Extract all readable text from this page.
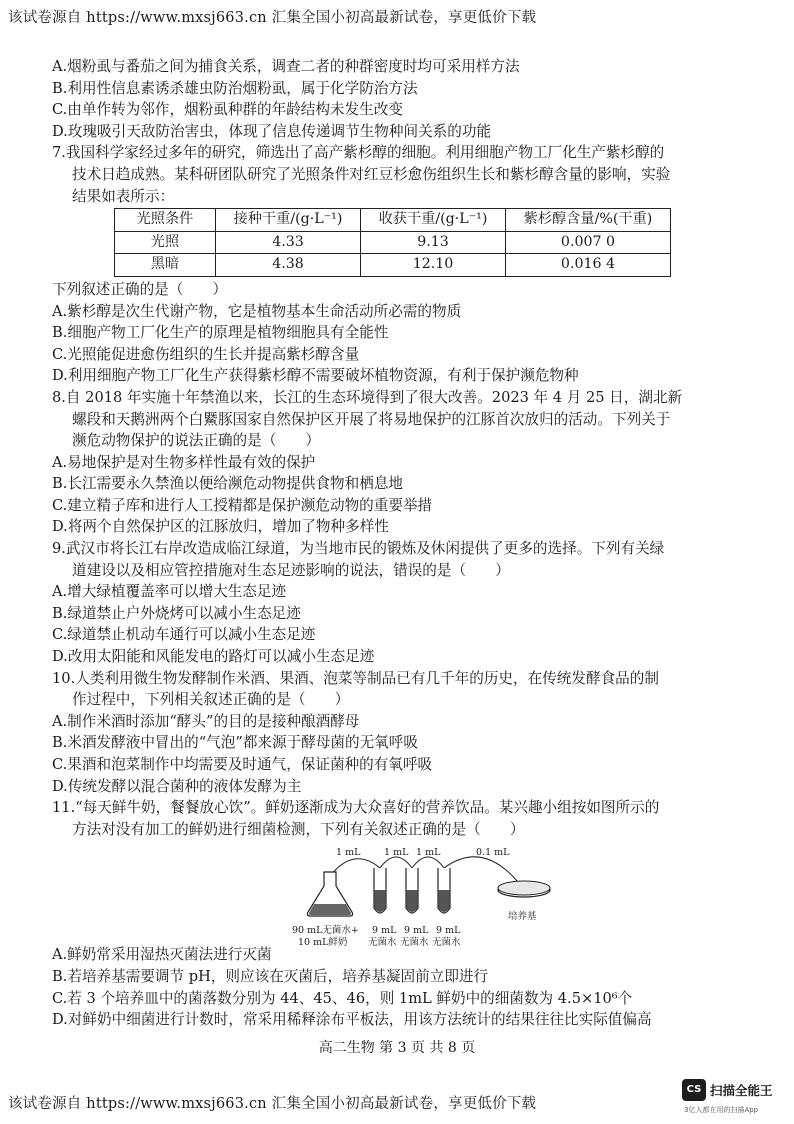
该试卷源自 https://www.mxsj663.cn 汇集全国小初高最新试卷，享更低价下载
A.烟粉虱与番茄之间为捕食关系，调查二者的种群密度时均可采用样方法
B.利用性信息素诱杀雄虫防治烟粉虱，属于化学防治方法
C.由单作转为邻作，烟粉虱种群的年龄结构未发生改变
D.玫瑰吸引天敌防治害虫，体现了信息传递调节生物种间关系的功能
7.我国科学家经过多年的研究，筛选出了高产紫杉醇的细胞。利用细胞产物工厂化生产紫杉醇的
技术日趋成熟。某科研团队研究了光照条件对红豆杉愈伤组织生长和紫杉醇含量的影响，实验
结果如表所示：
光照条件	接种干重/(g·L⁻¹)	收获干重/(g·L⁻¹)	紫杉醇含量/%(干重)
光照	4.33	9.13	0.007 0
黑暗	4.38	12.10	0.016 4
下列叙述正确的是（　　）
A.紫杉醇是次生代谢产物，它是植物基本生命活动所必需的物质
B.细胞产物工厂化生产的原理是植物细胞具有全能性
C.光照能促进愈伤组织的生长并提高紫杉醇含量
D.利用细胞产物工厂化生产获得紫杉醇不需要破坏植物资源，有利于保护濒危物种
8.自 2018 年实施十年禁渔以来，长江的生态环境得到了很大改善。2023 年 4 月 25 日，湖北新
螺段和天鹅洲两个白鱀豚国家自然保护区开展了将易地保护的江豚首次放归的活动。下列关于
濒危动物保护的说法正确的是（　　）
A.易地保护是对生物多样性最有效的保护
B.长江需要永久禁渔以便给濒危动物提供食物和栖息地
C.建立精子库和进行人工授精都是保护濒危动物的重要举措
D.将两个自然保护区的江豚放归，增加了物种多样性
9.武汉市将长江右岸改造成临江绿道，为当地市民的锻炼及休闲提供了更多的选择。下列有关绿
道建设以及相应管控措施对生态足迹影响的说法，错误的是（　　）
A.增大绿植覆盖率可以增大生态足迹
B.绿道禁止户外烧烤可以减小生态足迹
C.绿道禁止机动车通行可以减小生态足迹
D.改用太阳能和风能发电的路灯可以减小生态足迹
10.人类利用微生物发酵制作米酒、果酒、泡菜等制品已有几千年的历史，在传统发酵食品的制
作过程中，下列相关叙述正确的是（　　）
A.制作米酒时添加“酵头”的目的是接种酿酒酵母
B.米酒发酵液中冒出的“气泡”都来源于酵母菌的无氧呼吸
C.果酒和泡菜制作中均需要及时通气，保证菌种的有氧呼吸
D.传统发酵以混合菌种的液体发酵为主
11.“每天鲜牛奶，餐餐放心饮”。鲜奶逐渐成为大众喜好的营养饮品。某兴趣小组按如图所示的
方法对没有加工的鲜奶进行细菌检测，下列有关叙述正确的是（　　）
1 mL 1 mL 1 mL	0.1 mL
90 mL无菌水+
10 mL鲜奶
9 mL
无菌水
9 mL
无菌水
9 mL
无菌水
培养基
A.鲜奶常采用湿热灭菌法进行灭菌
B.若培养基需要调节 pH，则应该在灭菌后，培养基凝固前立即进行
C.若 3 个培养皿中的菌落数分别为 44、45、46，则 1mL 鲜奶中的细菌数为 4.5×10⁶个
D.对鲜奶中细菌进行计数时，常采用稀释涂布平板法，用该方法统计的结果往往比实际值偏高
高二生物 第 3 页 共 8 页
该试卷源自 https://www.mxsj663.cn 汇集全国小初高最新试卷，享更低价下载
CS 扫描全能王
3亿人都在用的扫描App
